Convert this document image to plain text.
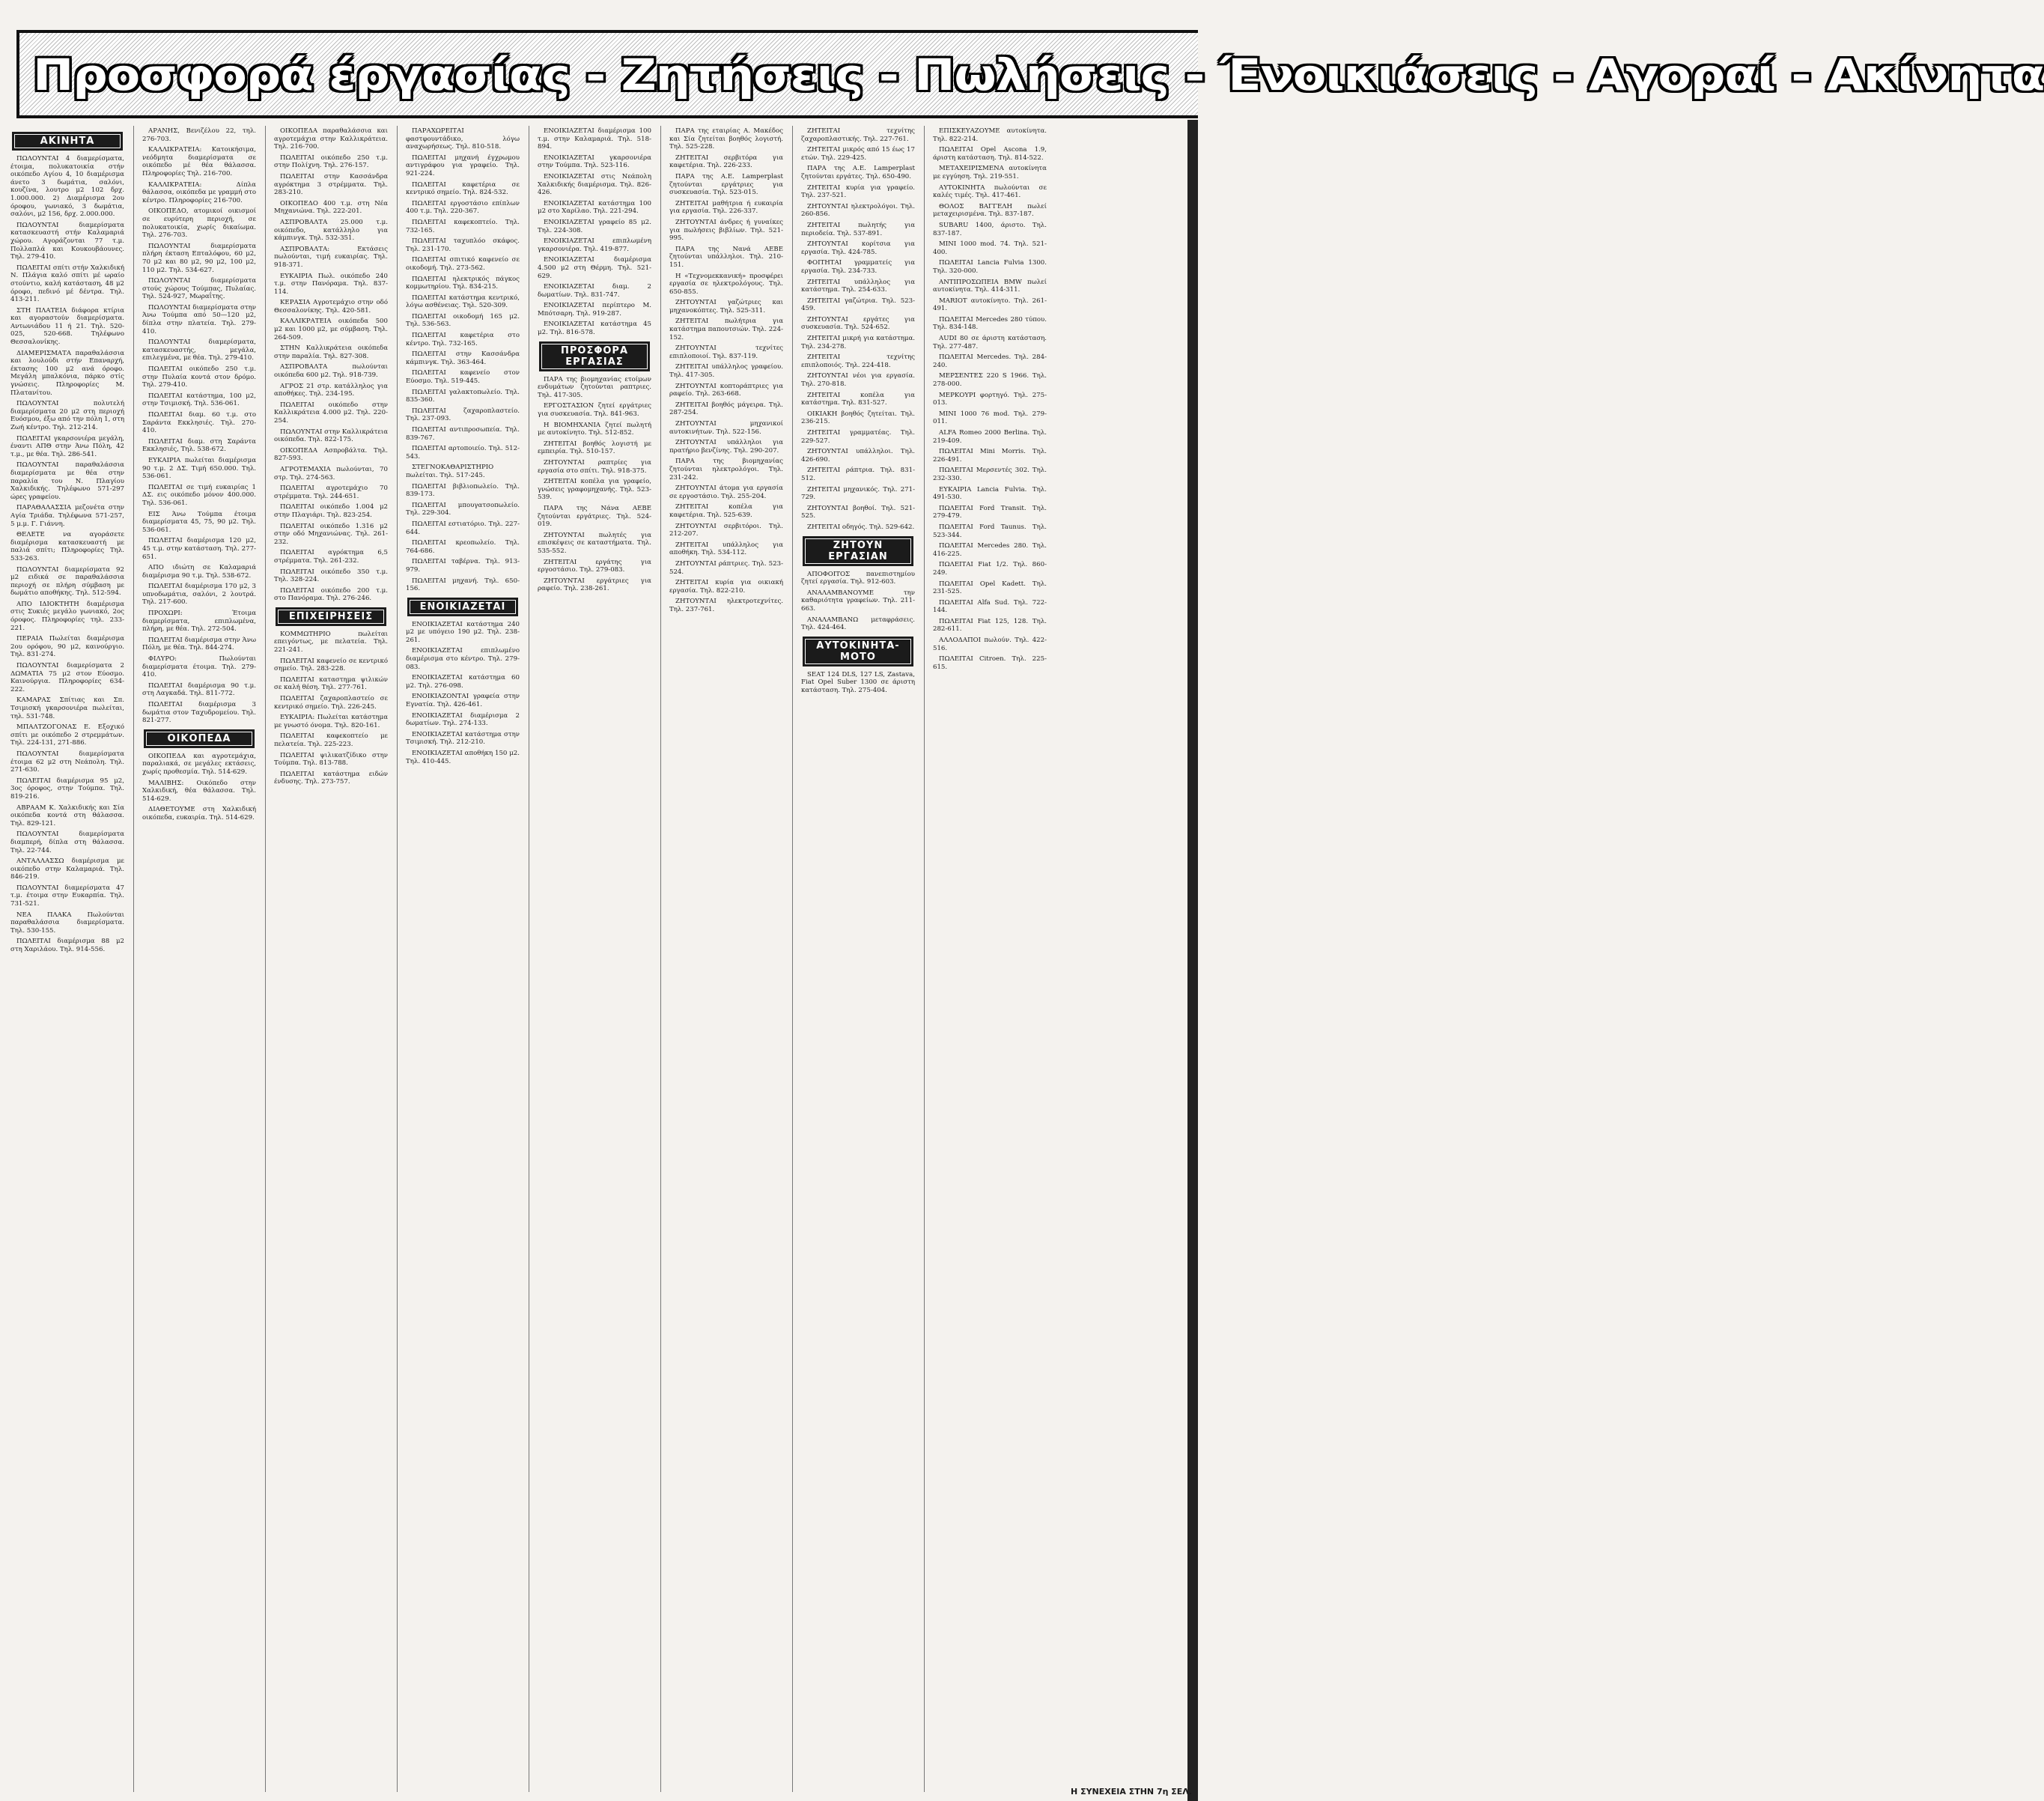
Προσφορά έργασίας - Ζητήσεις - Πωλήσεις - Ένοικιάσεις - Αγοραί - Ακίνητα
ΑΚΙΝΗΤΑ
ΠΩΛΟΥΝΤΑΙ 4 διαμερίσματα, έτοιμα, πολυκατοικία στήν οικόπεδο Αγίου 4, 10 διαμέρισμα άνετο 3 δωμάτια, σαλόνι, κουζίνα, λουτρο μ2 102 δρχ. 1.000.000. 2) Διαμέρισμα 2ου όροφου, γωνιακό, 3 δωμάτια, σαλόνι, μ2 156, δρχ. 2.000.000.
ΠΩΛΟΥΝΤΑΙ διαμερίσματα κατασκευαστή στήν Καλαμαριά χώρου. Αγοράζονται 77 τ.μ. Πολλαπλά και Κουκουβάουνες. Τηλ. 279-410.
ΠΩΛΕΙΤΑΙ σπίτι στήν Χαλκιδική Ν. Πλάγια καλό σπίτι μέ ωραίο στούντιο, καλή κατάσταση, 48 μ2 όροφο, πεδινό μέ δέντρα. Τηλ. 413-211.
ΣΤΗ ΠΛΑΤΕΙΑ διάφορα κτίρια και αγοραστούν διαμερίσματα. Αντωνιάδου 11 ή 21. Τηλ. 520-025, 520-668. Τηλέφωνο Θεσσαλονίκης.
ΔΙΑΜΕΡΙΣΜΑΤΑ παραθαλάσσια και λουλούδι στήν Επαναρχή, έκτασης 100 μ2 ανά όροφο. Μεγάλη μπαλκόνια, πάρκο στίς γνώσεις. Πληροφορίες Μ. Πλατανίτου.
ΠΩΛΟΥΝΤΑΙ πολυτελή διαμερίσματα 20 μ2 στη περιοχή Ευόσμου, έξω από την πόλη 1, στη Ζωή κέντρο. Τηλ. 212-214.
ΠΩΛΕΙΤΑΙ γκαρσονιέρα μεγάλη, έναντι ΑΠΘ στην Άνω Πόλη, 42 τ.μ., με θέα. Τηλ. 286-541.
ΠΩΛΟΥΝΤΑΙ παραθαλάσσια διαμερίσματα με θέα στην παραλία του Ν. Πλαγίου Χαλκιδικής. Τηλέφωνο 571-297 ώρες γραφείου.
ΠΑΡΑΘΑΛΑΣΣΙΑ μεζονέτα στην Αγία Τριάδα. Τηλέφωνα 571-257, 5 μ.μ. Γ. Γιάννη.
ΘΕΛΕΤΕ να αγοράσετε διαμέρισμα κατασκευαστή με παλιά σπίτι; Πληροφορίες Τηλ. 533-263.
ΠΩΛΟΥΝΤΑΙ διαμερίσματα 92 μ2 ειδικά σε παραθαλάσσια περιοχή σε πλήρη σύμβαση με δωμάτιο αποθήκης. Τηλ. 512-594.
ΑΠΟ ΙΔΙΟΚΤΗΤΗ διαμέρισμα στις Συκιές μεγάλο γωνιακό, 2ος όροφος. Πληροφορίες τηλ. 233-221.
ΠΕΡΑΙΑ Πωλείται διαμέρισμα 2ου ορόφου, 90 μ2, καινούργιο. Τηλ. 831-274.
ΠΩΛΟΥΝΤΑΙ διαμερίσματα 2 ΔΩΜΑΤΙΑ 75 μ2 στον Εύοσμο. Καινούργια. Πληροφορίες 634-222.
ΚΑΜΑΡΑΣ Σπίτιας και Σπ. Τσιμισκή γκαρσονιέρα πωλείται, τηλ. 531-748.
ΜΠΑΛΤΖΟΓΟΝΑΣ Ε. Εξοχικό σπίτι με οικόπεδο 2 στρεμμάτων. Τηλ. 224-131, 271-886.
ΠΩΛΟΥΝΤΑΙ διαμερίσματα έτοιμα 62 μ2 στη Νεάπολη. Τηλ. 271-630.
ΠΩΛΕΙΤΑΙ διαμέρισμα 95 μ2, 3ος όροφος, στην Τούμπα. Τηλ. 819-216.
ΑΒΡΑΑΜ Κ. Χαλκιδικής και Σία οικόπεδα κοντά στη θάλασσα. Τηλ. 829-121.
ΠΩΛΟΥΝΤΑΙ διαμερίσματα διαμπερή, δίπλα στη θάλασσα. Τηλ. 22-744.
ΑΝΤΑΛΛΑΣΣΩ διαμέρισμα με οικόπεδο στην Καλαμαριά. Τηλ. 846-219.
ΠΩΛΟΥΝΤΑΙ διαμερίσματα 47 τ.μ. έτοιμα στην Ευκαρπία. Τηλ. 731-521.
ΝΕΑ ΠΛΑΚΑ Πωλούνται παραθαλάσσια διαμερίσματα. Τηλ. 530-155.
ΠΩΛΕΙΤΑΙ διαμέρισμα 88 μ2 στη Χαριλάου. Τηλ. 914-556.
ΑΡΑΝΗΣ, Βενιζέλου 22, τηλ. 276-703.
ΚΑΛΛΙΚΡΑΤΕΙΑ: Κατοικήσιμα, νεόδμητα διαμερίσματα σε οικόπεδο μέ θέα θάλασσα. Πληροφορίες Τηλ. 216-700.
ΚΑΛΛΙΚΡΑΤΕΙΑ: Δίπλα θάλασσα, οικόπεδα με γραμμή στο κέντρο. Πληροφορίες 216-700.
ΟΙΚΟΠΕΔΟ, ατομικοί οικισμοί σε ευρύτερη περιοχή, σε πολυκατοικία, χωρίς δικαίωμα. Τηλ. 276-703.
ΠΩΛΟΥΝΤΑΙ διαμερίσματα πλήρη έκταση Επταλόφου, 60 μ2, 70 μ2 και 80 μ2, 90 μ2, 100 μ2, 110 μ2. Τηλ. 534-627.
ΠΩΛΟΥΝΤΑΙ διαμερίσματα στούς χώρους Τούμπας, Πυλαίας. Τηλ. 524-927, Μωραΐτης.
ΠΩΛΟΥΝΤΑΙ διαμερίσματα στην Άνω Τούμπα από 50—120 μ2, δίπλα στην πλατεία. Τηλ. 279-410.
ΠΩΛΟΥΝΤΑΙ διαμερίσματα, κατασκευαστής, μεγάλα, επιλεγμένα, με θέα. Τηλ. 279-410.
ΠΩΛΕΙΤΑΙ οικόπεδο 250 τ.μ. στην Πυλαία κοντά στον δρόμο. Τηλ. 279-410.
ΠΩΛΕΙΤΑΙ κατάστημα, 100 μ2, στην Τσιμισκή. Τηλ. 536-061.
ΠΩΛΕΙΤΑΙ διαμ. 60 τ.μ. στο Σαράντα Εκκλησιές. Τηλ. 270-410.
ΠΩΛΕΙΤΑΙ διαμ. στη Σαράντα Εκκλησιές, Τηλ. 538-672.
ΕΥΚΑΙΡΙΑ πωλείται διαμέρισμα 90 τ.μ. 2 ΔΣ. Τιμή 650.000. Τηλ. 536-061.
ΠΩΛΕΙΤΑΙ σε τιμή ευκαιρίας 1 ΔΣ. εις οικόπεδο μόνον 400.000. Τηλ. 536-061.
ΕΙΣ Άνω Τούμπα έτοιμα διαμερίσματα 45, 75, 90 μ2. Τηλ. 536-061.
ΠΩΛΕΙΤΑΙ διαμέρισμα 120 μ2, 45 τ.μ. στην κατάσταση. Τηλ. 277-651.
ΑΠΟ ιδιώτη σε Καλαμαριά διαμέρισμα 90 τ.μ. Τηλ. 538-672.
ΠΩΛΕΙΤΑΙ διαμέρισμα 170 μ2, 3 υπνοδωμάτια, σαλόνι, 2 λουτρά. Τηλ. 217-600.
ΠΡΟΧΩΡΙ: Έτοιμα διαμερίσματα, επιπλωμένα, πλήρη, με θέα. Τηλ. 272-504.
ΠΩΛΕΙΤΑΙ διαμέρισμα στην Άνω Πόλη, με θέα. Τηλ. 844-274.
ΦΙΛΥΡΟ: Πωλούνται διαμερίσματα έτοιμα. Τηλ. 279-410.
ΠΩΛΕΙΤΑΙ διαμέρισμα 90 τ.μ. στη Λαγκαδά. Τηλ. 811-772.
ΠΩΛΕΙΤΑΙ διαμέρισμα 3 δωμάτια στον Ταχυδρομείου. Τηλ. 821-277.
ΟΙΚΟΠΕΔΑ
ΟΙΚΟΠΕΔΑ και αγροτεμάχια, παραλιακά, σε μεγάλες εκτάσεις, χωρίς προθεσμία. Τηλ. 514-629.
ΜΑΛΙΒΗΣ: Οικόπεδο στην Χαλκιδική, θέα θάλασσα. Τηλ. 514-629.
ΔΙΑΘΕΤΟΥΜΕ στη Χαλκιδική οικόπεδα, ευκαιρία. Τηλ. 514-629.
ΟΙΚΟΠΕΔΑ παραθαλάσσια και αγροτεμάχια στην Καλλικράτεια. Τηλ. 216-700.
ΠΩΛΕΙΤΑΙ οικόπεδο 250 τ.μ. στην Πολίχνη. Τηλ. 276-157.
ΠΩΛΕΙΤΑΙ στην Κασσάνδρα αγρόκτημα 3 στρέμματα. Τηλ. 283-210.
ΟΙΚΟΠΕΔΟ 400 τ.μ. στη Νέα Μηχανιώνα. Τηλ. 222-201.
ΑΣΠΡΟΒΑΛΤΑ 25.000 τ.μ. οικόπεδο, κατάλληλο για κάμπινγκ. Τηλ. 532-351.
ΑΣΠΡΟΒΑΛΤΑ: Εκτάσεις πωλούνται, τιμή ευκαιρίας. Τηλ. 918-371.
ΕΥΚΑΙΡΙΑ Πωλ. οικόπεδο 240 τ.μ. στην Πανόραμα. Τηλ. 837-114.
ΚΕΡΑΣΙΑ Αγροτεμάχιο στην οδό Θεσσαλονίκης. Τηλ. 420-581.
ΚΑΛΛΙΚΡΑΤΕΙΑ οικόπεδα 500 μ2 και 1000 μ2, με σύμβαση. Τηλ. 264-509.
ΣΤΗΝ Καλλικράτεια οικόπεδα στην παραλία. Τηλ. 827-308.
ΑΣΠΡΟΒΑΛΤΑ πωλούνται οικόπεδα 600 μ2. Τηλ. 918-739.
ΑΓΡΟΣ 21 στρ. κατάλληλος για αποθήκες. Τηλ. 234-195.
ΠΩΛΕΙΤΑΙ οικόπεδο στην Καλλικράτεια 4.000 μ2. Τηλ. 220-254.
ΠΩΛΟΥΝΤΑΙ στην Καλλικράτεια οικόπεδα. Τηλ. 822-175.
ΟΙΚΟΠΕΔΑ Ασπροβάλτα. Τηλ. 827-593.
ΑΓΡΟΤΕΜΑΧΙΑ πωλούνται, 70 στρ. Τηλ. 274-563.
ΠΩΛΕΙΤΑΙ αγροτεμάχιο 70 στρέμματα. Τηλ. 244-651.
ΠΩΛΕΙΤΑΙ οικόπεδο 1.004 μ2 στην Πλαγιάρι. Τηλ. 823-254.
ΠΩΛΕΙΤΑΙ οικόπεδο 1.316 μ2 στην οδό Μηχανιώνας. Τηλ. 261-232.
ΠΩΛΕΙΤΑΙ αγρόκτημα 6,5 στρέμματα. Τηλ. 261-232.
ΠΩΛΕΙΤΑΙ οικόπεδο 350 τ.μ. Τηλ. 328-224.
ΠΩΛΕΙΤΑΙ οικόπεδο 200 τ.μ. στο Πανόραμα. Τηλ. 276-246.
ΕΠΙΧΕΙΡΗΣΕΙΣ
ΚΟΜΜΩΤΗΡΙΟ πωλείται επειγόντως, με πελατεία. Τηλ. 221-241.
ΠΩΛΕΙΤΑΙ καφενείο σε κεντρικό σημείο. Τηλ. 283-228.
ΠΩΛΕΙΤΑΙ καταστημα ψιλικών σε καλή θέση. Τηλ. 277-761.
ΠΩΛΕΙΤΑΙ ζαχαροπλαστείο σε κεντρικό σημείο. Τηλ. 226-245.
ΕΥΚΑΙΡΙΑ: Πωλείται κατάστημα με γνωστό όνομα. Τηλ. 820-161.
ΠΩΛΕΙΤΑΙ καφεκοπτείο με πελατεία. Τηλ. 225-223.
ΠΩΛΕΙΤΑΙ ψιλικατζίδικο στην Τούμπα. Τηλ. 813-788.
ΠΩΛΕΙΤΑΙ κατάστημα ειδών ένδυσης. Τηλ. 273-757.
ΠΑΡΑΧΩΡΕΙΤΑΙ φαστφουντάδικο, λόγω αναχωρήσεως. Τηλ. 810-518.
ΠΩΛΕΙΤΑΙ μηχανή έγχρωμου αντιγράφου για γραφείο. Τηλ. 921-224.
ΠΩΛΕΙΤΑΙ καφετέρια σε κεντρικό σημείο. Τηλ. 824-532.
ΠΩΛΕΙΤΑΙ εργοστάσιο επίπλων 400 τ.μ. Τηλ. 220-367.
ΠΩΛΕΙΤΑΙ καφεκοπτείο. Τηλ. 732-165.
ΠΩΛΕΙΤΑΙ ταχυπλόο σκάφος. Τηλ. 231-170.
ΠΩΛΕΙΤΑΙ σπιτικό καφενείο σε οικοδομή. Τηλ. 273-562.
ΠΩΛΕΙΤΑΙ ηλεκτρικός πάγκος κομμωτηρίου. Τηλ. 834-215.
ΠΩΛΕΙΤΑΙ κατάστημα κεντρικό, λόγω ασθένειας. Τηλ. 520-309.
ΠΩΛΕΙΤΑΙ οικοδομή 165 μ2. Τηλ. 536-563.
ΠΩΛΕΙΤΑΙ καφετέρια στο κέντρο. Τηλ. 732-165.
ΠΩΛΕΙΤΑΙ στην Κασσάνδρα κάμπινγκ. Τηλ. 363-464.
ΠΩΛΕΙΤΑΙ καφενείο στον Εύοσμο. Τηλ. 519-445.
ΠΩΛΕΙΤΑΙ γαλακτοπωλείο. Τηλ. 835-360.
ΠΩΛΕΙΤΑΙ ζαχαροπλαστείο. Τηλ. 237-093.
ΠΩΛΕΙΤΑΙ αντιπροσωπεία. Τηλ. 839-767.
ΠΩΛΕΙΤΑΙ αρτοποιείο. Τηλ. 512-543.
ΣΤΕΓΝΟΚΑΘΑΡΙΣΤΗΡΙΟ πωλείται. Τηλ. 517-245.
ΠΩΛΕΙΤΑΙ βιβλιοπωλείο. Τηλ. 839-173.
ΠΩΛΕΙΤΑΙ μπουγατσοπωλείο. Τηλ. 229-304.
ΠΩΛΕΙΤΑΙ εστιατόριο. Τηλ. 227-644.
ΠΩΛΕΙΤΑΙ κρεοπωλείο. Τηλ. 764-686.
ΠΩΛΕΙΤΑΙ ταβέρνα. Τηλ. 913-979.
ΠΩΛΕΙΤΑΙ μηχανή. Τηλ. 650-156.
ΕΝΟΙΚΙΑΖΕΤΑΙ
ΕΝΟΙΚΙΑΖΕΤΑΙ κατάστημα 240 μ2 με υπόγειο 190 μ2. Τηλ. 238-261.
ΕΝΟΙΚΙΑΖΕΤΑΙ επιπλωμένο διαμέρισμα στο κέντρο. Τηλ. 279-083.
ΕΝΟΙΚΙΑΖΕΤΑΙ κατάστημα 60 μ2. Τηλ. 276-098.
ΕΝΟΙΚΙΑΖΟΝΤΑΙ γραφεία στην Εγνατία. Τηλ. 426-461.
ΕΝΟΙΚΙΑΖΕΤΑΙ διαμέρισμα 2 δωματίων. Τηλ. 274-133.
ΕΝΟΙΚΙΑΖΕΤΑΙ κατάστημα στην Τσιμισκή. Τηλ. 212-210.
ΕΝΟΙΚΙΑΖΕΤΑΙ αποθήκη 150 μ2. Τηλ. 410-445.
ΕΝΟΙΚΙΑΖΕΤΑΙ διαμέρισμα 100 τ.μ. στην Καλαμαριά. Τηλ. 518-894.
ΕΝΟΙΚΙΑΖΕΤΑΙ γκαρσονιέρα στην Τούμπα. Τηλ. 523-116.
ΕΝΟΙΚΙΑΖΕΤΑΙ στις Νεάπολη Χαλκιδικής διαμέρισμα. Τηλ. 826-426.
ΕΝΟΙΚΙΑΖΕΤΑΙ κατάστημα 100 μ2 στο Χαρίλαο. Τηλ. 221-294.
ΕΝΟΙΚΙΑΖΕΤΑΙ γραφείο 85 μ2. Τηλ. 224-308.
ΕΝΟΙΚΙΑΖΕΤΑΙ επιπλωμένη γκαρσονιέρα. Τηλ. 419-877.
ΕΝΟΙΚΙΑΖΕΤΑΙ διαμέρισμα 4.500 μ2 στη Θέρμη. Τηλ. 521-629.
ΕΝΟΙΚΙΑΖΕΤΑΙ διαμ. 2 δωματίων. Τηλ. 831-747.
ΕΝΟΙΚΙΑΖΕΤΑΙ περίπτερο Μ. Μπότσαρη. Τηλ. 919-287.
ΕΝΟΙΚΙΑΖΕΤΑΙ κατάστημα 45 μ2. Τηλ. 816-578.
ΠΡΟΣΦΟΡΑ ΕΡΓΑΣΙΑΣ
ΠΑΡΑ της βιομηχανίας ετοίμων ενδυμάτων ζητούνται ραπτριες. Τηλ. 417-305.
ΕΡΓΟΣΤΑΣΙΟΝ ζητεί εργάτριες για συσκευασία. Τηλ. 841-963.
Η ΒΙΟΜΗΧΑΝΙΑ ζητεί πωλητή με αυτοκίνητο. Τηλ. 512-852.
ΖΗΤΕΙΤΑΙ βοηθός λογιστή με εμπειρία. Τηλ. 510-157.
ΖΗΤΟΥΝΤΑΙ ραπτρίες για εργασία στο σπίτι. Τηλ. 918-375.
ΖΗΤΕΙΤΑΙ κοπέλα για γραφείο, γνώσεις γραφομηχανής. Τηλ. 523-539.
ΠΑΡΑ της Νάνα ΑΕΒΕ ζητούνται εργάτριες. Τηλ. 524-019.
ΖΗΤΟΥΝΤΑΙ πωλητές για επισκέψεις σε καταστήματα. Τηλ. 535-552.
ΖΗΤΕΙΤΑΙ εργάτης για εργοστάσιο. Τηλ. 279-083.
ΖΗΤΟΥΝΤΑΙ εργάτριες για ραφείο. Τηλ. 238-261.
ΠΑΡΑ της εταιρίας Α. Μακέδος και Σία ζητείται βοηθός λογιστή. Τηλ. 525-228.
ΖΗΤΕΙΤΑΙ σερβιτόρα για καφετέρια. Τηλ. 226-233.
ΠΑΡΑ της Α.Ε. Lamperplast ζητούνται εργάτριες για συσκευασία. Τηλ. 523-015.
ΖΗΤΕΙΤΑΙ μαθήτρια ή ευκαιρία για εργασία. Τηλ. 226-337.
ΖΗΤΟΥΝΤΑΙ άνδρες ή γυναίκες για πωλήσεις βιβλίων. Τηλ. 521-995.
ΠΑΡΑ της Νανά ΑΕΒΕ ζητούνται υπάλληλοι. Τηλ. 210-151.
Η «Τεχνομεκκανική» προσφέρει εργασία σε ηλεκτρολόγους. Τηλ. 650-855.
ΖΗΤΟΥΝΤΑΙ γαζώτριες και μηχανοκόπτες. Τηλ. 525-311.
ΖΗΤΕΙΤΑΙ πωλήτρια για κατάστημα παπουτσιών. Τηλ. 224-152.
ΖΗΤΟΥΝΤΑΙ τεχνίτες επιπλοποιοί. Τηλ. 837-119.
ΖΗΤΕΙΤΑΙ υπάλληλος γραφείου. Τηλ. 417-305.
ΖΗΤΟΥΝΤΑΙ κοπτοράπτριες για ραφείο. Τηλ. 263-668.
ΖΗΤΕΙΤΑΙ βοηθός μάγειρα. Τηλ. 287-254.
ΖΗΤΟΥΝΤΑΙ μηχανικοί αυτοκινήτων. Τηλ. 522-156.
ΖΗΤΟΥΝΤΑΙ υπάλληλοι για πρατήριο βενζίνης. Τηλ. 290-207.
ΠΑΡΑ της βιομηχανίας ζητούνται ηλεκτρολόγοι. Τηλ. 231-242.
ΖΗΤΟΥΝΤΑΙ άτομα για εργασία σε εργοστάσιο. Τηλ. 255-204.
ΖΗΤΕΙΤΑΙ κοπέλα για καφετέρια. Τηλ. 525-639.
ΖΗΤΟΥΝΤΑΙ σερβιτόροι. Τηλ. 212-207.
ΖΗΤΕΙΤΑΙ υπάλληλος για αποθήκη. Τηλ. 534-112.
ΖΗΤΟΥΝΤΑΙ ράπτριες. Τηλ. 523-524.
ΖΗΤΕΙΤΑΙ κυρία για οικιακή εργασία. Τηλ. 822-210.
ΖΗΤΟΥΝΤΑΙ ηλεκτροτεχνίτες. Τηλ. 237-761.
ΖΗΤΕΙΤΑΙ τεχνίτης ζαχαροπλαστικής. Τηλ. 227-761.
ΖΗΤΕΙΤΑΙ μικρός από 15 έως 17 ετών. Τηλ. 229-425.
ΠΑΡΑ της Α.Ε. Lamperplast ζητούνται εργάτες. Τηλ. 650-490.
ΖΗΤΕΙΤΑΙ κυρία για γραφείο. Τηλ. 237-521.
ΖΗΤΟΥΝΤΑΙ ηλεκτρολόγοι. Τηλ. 260-856.
ΖΗΤΕΙΤΑΙ πωλητής για περιοδεία. Τηλ. 537-891.
ΖΗΤΟΥΝΤΑΙ κορίτσια για εργασία. Τηλ. 424-785.
ΦΟΙΤΗΤΑΙ γραμματείς για εργασία. Τηλ. 234-733.
ΖΗΤΕΙΤΑΙ υπάλληλος για κατάστημα. Τηλ. 254-633.
ΖΗΤΕΙΤΑΙ γαζώτρια. Τηλ. 523-459.
ΖΗΤΟΥΝΤΑΙ εργάτες για συσκευασία. Τηλ. 524-652.
ΖΗΤΕΙΤΑΙ μικρή για κατάστημα. Τηλ. 234-278.
ΖΗΤΕΙΤΑΙ τεχνίτης επιπλοποιός. Τηλ. 224-418.
ΖΗΤΟΥΝΤΑΙ νέοι για εργασία. Τηλ. 270-818.
ΖΗΤΕΙΤΑΙ κοπέλα για κατάστημα. Τηλ. 831-527.
ΟΙΚΙΑΚΗ βοηθός ζητείται. Τηλ. 236-215.
ΖΗΤΕΙΤΑΙ γραμματέας. Τηλ. 229-527.
ΖΗΤΟΥΝΤΑΙ υπάλληλοι. Τηλ. 426-690.
ΖΗΤΕΙΤΑΙ ράπτρια. Τηλ. 831-512.
ΖΗΤΕΙΤΑΙ μηχανικός. Τηλ. 271-729.
ΖΗΤΟΥΝΤΑΙ βοηθοί. Τηλ. 521-525.
ΖΗΤΕΙΤΑΙ οδηγός. Τηλ. 529-642.
ΖΗΤΟΥΝ ΕΡΓΑΣΙΑΝ
ΑΠΟΦΟΙΤΟΣ πανεπιστημίου ζητεί εργασία. Τηλ. 912-603.
ΑΝΑΛΑΜΒΑΝΟΥΜΕ την καθαριότητα γραφείων. Τηλ. 211-663.
ΑΝΑΛΑΜΒΑΝΩ μεταφράσεις. Τηλ. 424-464.
ΑΥΤΟΚΙΝΗΤΑ-ΜΟΤΟ
SEAT 124 DLS, 127 LS, Zastava, Fiat Opel Suber 1300 σε άριστη κατάσταση. Τηλ. 275-404.
ΕΠΙΣΚΕΥΑΖΟΥΜΕ αυτοκίνητα. Τηλ. 822-214.
ΠΩΛΕΙΤΑΙ Opel Ascona 1.9, άριστη κατάσταση. Τηλ. 814-522.
ΜΕΤΑΧΕΙΡΙΣΜΕΝΑ αυτοκίνητα με εγγύηση. Τηλ. 219-551.
ΑΥΤΟΚΙΝΗΤΑ πωλούνται σε καλές τιμές. Τηλ. 417-461.
ΘΟΛΟΣ ΒΑΓΓΕΛΗ πωλεί μεταχειρισμένα. Τηλ. 837-187.
SUBARU 1400, άριστο. Τηλ. 837-187.
MINI 1000 mod. 74. Τηλ. 521-400.
ΠΩΛΕΙΤΑΙ Lancia Fulvia 1300. Τηλ. 320-000.
ΑΝΤΙΠΡΟΣΩΠΕΙΑ BMW πωλεί αυτοκίνητα. Τηλ. 414-311.
MARIOT αυτοκίνητο. Τηλ. 261-491.
ΠΩΛΕΙΤΑΙ Mercedes 280 τύπου. Τηλ. 834-148.
AUDI 80 σε άριστη κατάσταση. Τηλ. 277-487.
ΠΩΛΕΙΤΑΙ Mercedes. Τηλ. 284-240.
ΜΕΡΣΕΝΤΕΣ 220 S 1966. Τηλ. 278-000.
ΜΕΡΚΟΥΡΙ φορτηγό. Τηλ. 275-013.
MINI 1000 76 mod. Τηλ. 279-011.
ALFA Romeo 2000 Berlina. Τηλ. 219-409.
ΠΩΛΕΙΤΑΙ Mini Morris. Τηλ. 226-491.
ΠΩΛΕΙΤΑΙ Μερσεντές 302. Τηλ. 232-330.
ΕΥΚΑΙΡΙΑ Lancia Fulvia. Τηλ. 491-530.
ΠΩΛΕΙΤΑΙ Ford Transit. Τηλ. 279-479.
ΠΩΛΕΙΤΑΙ Ford Taunus. Τηλ. 523-344.
ΠΩΛΕΙΤΑΙ Mercedes 280. Τηλ. 416-225.
ΠΩΛΕΙΤΑΙ Fiat 1/2. Τηλ. 860-249.
ΠΩΛΕΙΤΑΙ Opel Kadett. Τηλ. 231-525.
ΠΩΛΕΙΤΑΙ Alfa Sud. Τηλ. 722-144.
ΠΩΛΕΙΤΑΙ Fiat 125, 128. Τηλ. 282-611.
ΑΛΛΟΔΑΠΟΙ πωλούν. Τηλ. 422-516.
ΠΩΛΕΙΤΑΙ Citroen. Τηλ. 225-615.
Η ΣΥΝΕΧΕΙΑ ΣΤΗΝ 7η ΣΕΛ.
